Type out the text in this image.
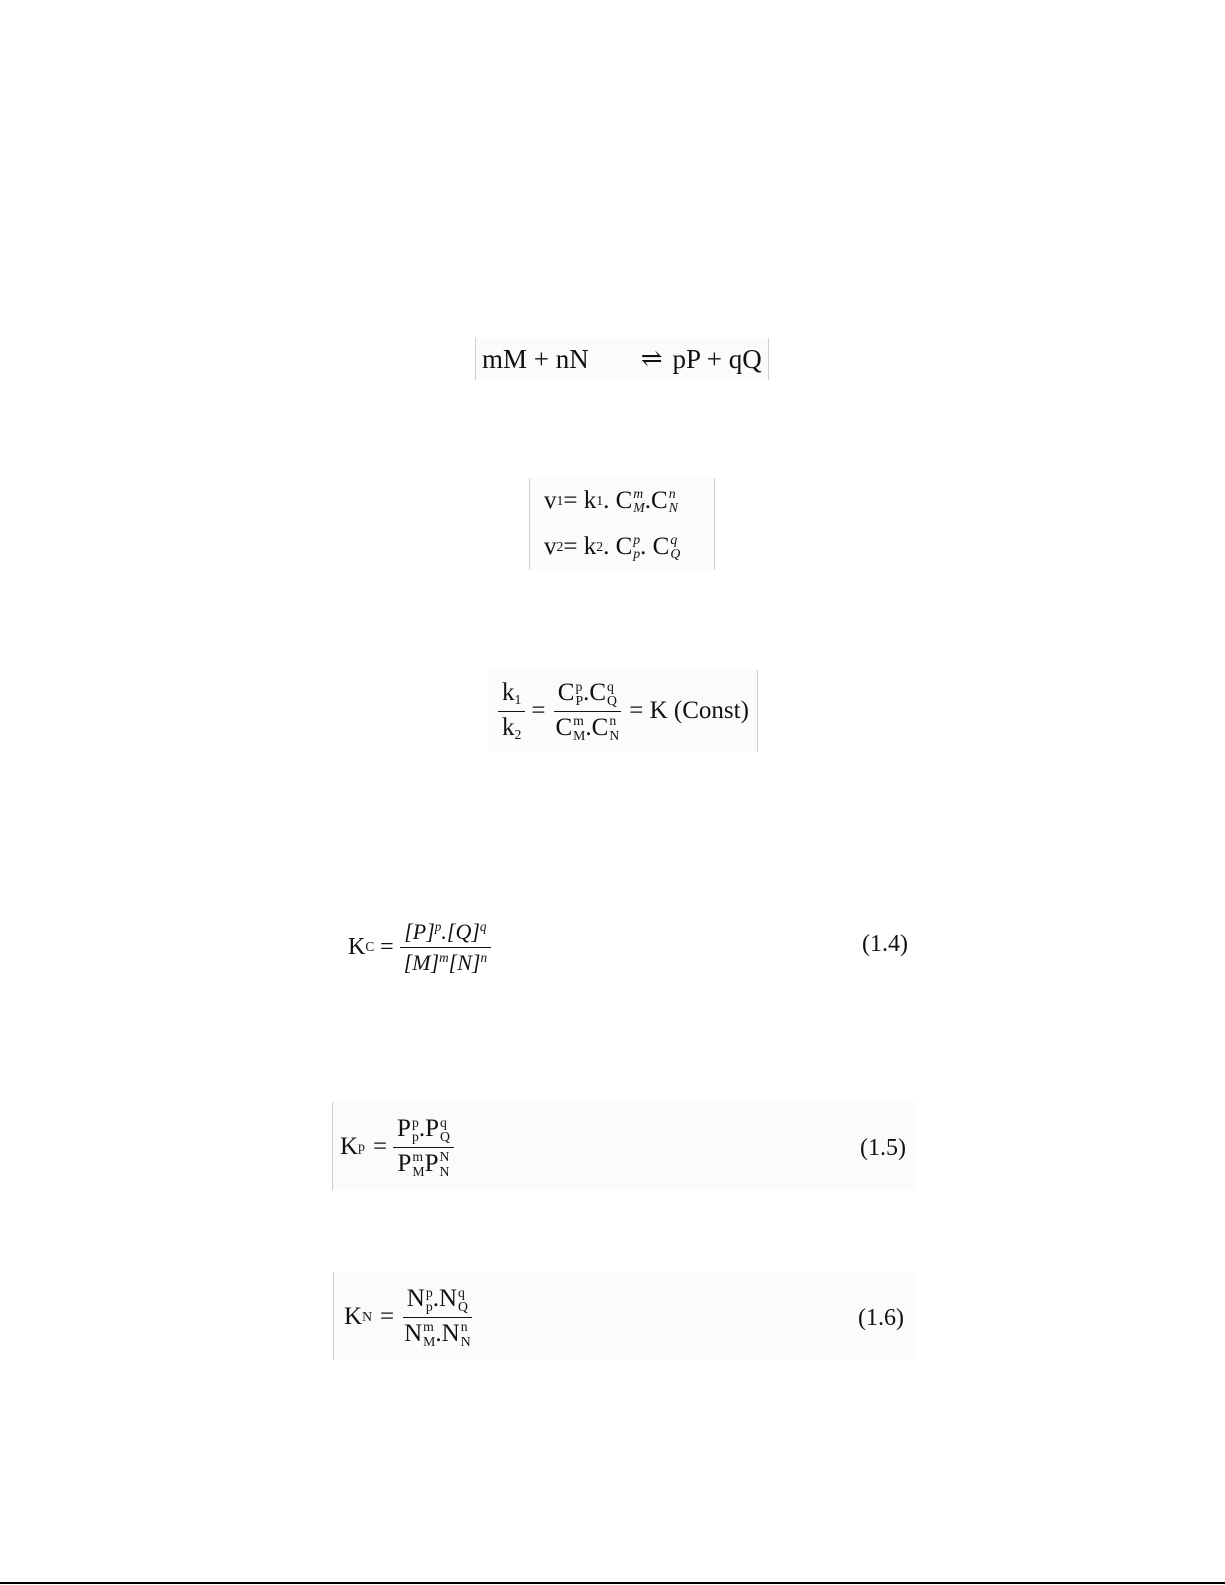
mM + nN ⇌ pP + qQ
v 1 = k 1 . C m
M .C n
N
v 2 = k 2 . C p
p . C q
Q
$\frac{k_1}{k_2} = C$ p
P .C q
Q
C m
M .C n
N = K (Const)
K $C = \frac{[P]^p.[Q]^q}{[M]^m[N]^n}$	(1.4)
K p = P p
p .P q
Q
P m
M P N
N	(1.5)
K N = N p
p .N q
Q
N m
M .N n
N	(1.6)
